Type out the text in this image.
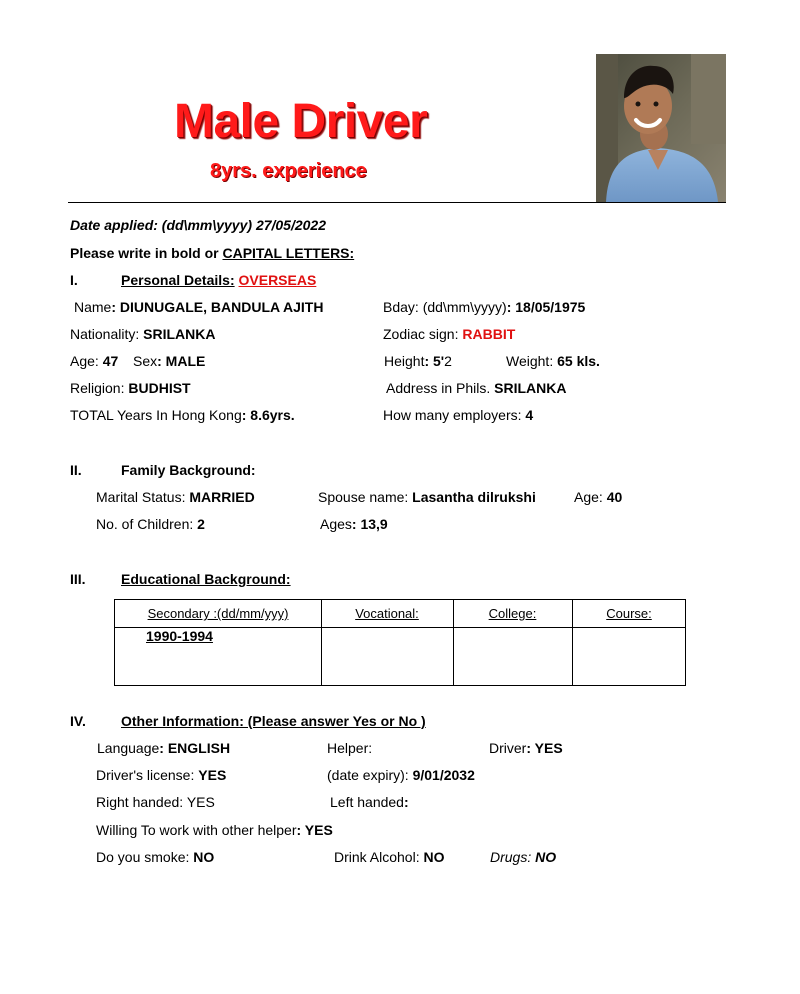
Male Driver
8yrs. experience
Date applied: (dd\mm\yyyy) 27/05/2022
Please write in bold or CAPITAL LETTERS:
I.	Personal Details: OVERSEAS
Name: DIUNUGALE, BANDULA AJITH	Bday: (dd\mm\yyyy): 18/05/1975
Nationality: SRILANKA	Zodiac sign: RABBIT
Age: 47 Sex: MALE	Height: 5'2	Weight: 65 kls.
Religion: BUDHIST	Address in Phils. SRILANKA
TOTAL Years In Hong Kong: 8.6yrs.	How many employers: 4
II.	Family Background:
Marital Status: MARRIED	Spouse name: Lasantha dilrukshi	Age: 40
No. of Children: 2	Ages: 13,9
III.	Educational Background:
Secondary :(dd/mm/yyy)	Vocational:	College:	Course:
1990-1994
IV.	Other Information: (Please answer Yes or No )
Language: ENGLISH	Helper:	Driver: YES
Driver's license: YES	(date expiry): 9/01/2032
Right handed: YES	Left handed:
Willing To work with other helper: YES
Do you smoke: NO	Drink Alcohol: NO	Drugs: NO
